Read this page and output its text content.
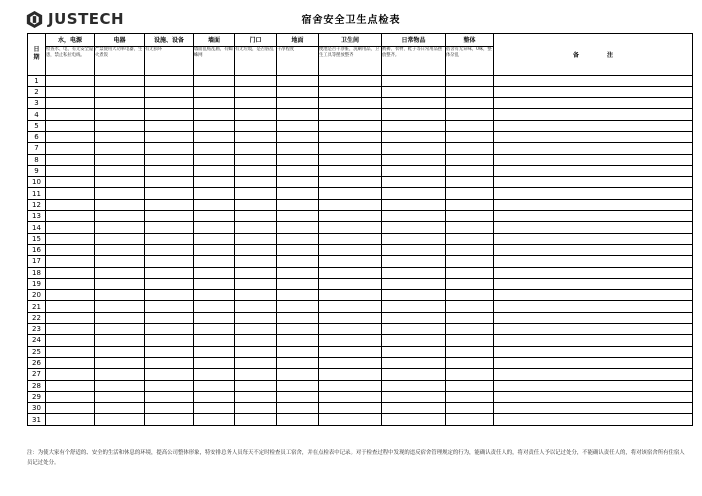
JUSTECH	宿舍安全卫生点检表
日
期	水，电源	电器	设施、设备	墙面	门口	地面	卫生间	日常物品	整体	备注
	检查水、电、有无安全隐患，禁止私拉电线。	严禁使用大功率电器，生火煮饭	有无损坏	墙面乱贴乱画，有蜘蛛网	有无垃圾，是否脏乱	干净程度	便池是否干净脏，洗刷用品，卫生工具等摆放整齐	被褥、衣物、鞋子等日常用品摆放整齐。	宿舍有无异味，0味，整体杂乱	
1										
2										
3										
4										
5										
6										
7										
8										
9										
10										
11										
12										
13										
14										
15										
16										
17										
18										
19										
20										
21										
22										
23										
24										
25										
26										
27										
28										
29										
30										
31										
注：为使大家有个舒适的、安全的生活和休息的环境，提高公司整体形象，特安排总务人员每天不定时检查员工宿舍，并在点检表中记录。对于检查过程中发现的违反宿舍管理规定的行为，能确认责任人的，将对责任人予以记过处分，不能确认责任人的，将对该宿舍所有住宿人员记过处分。
